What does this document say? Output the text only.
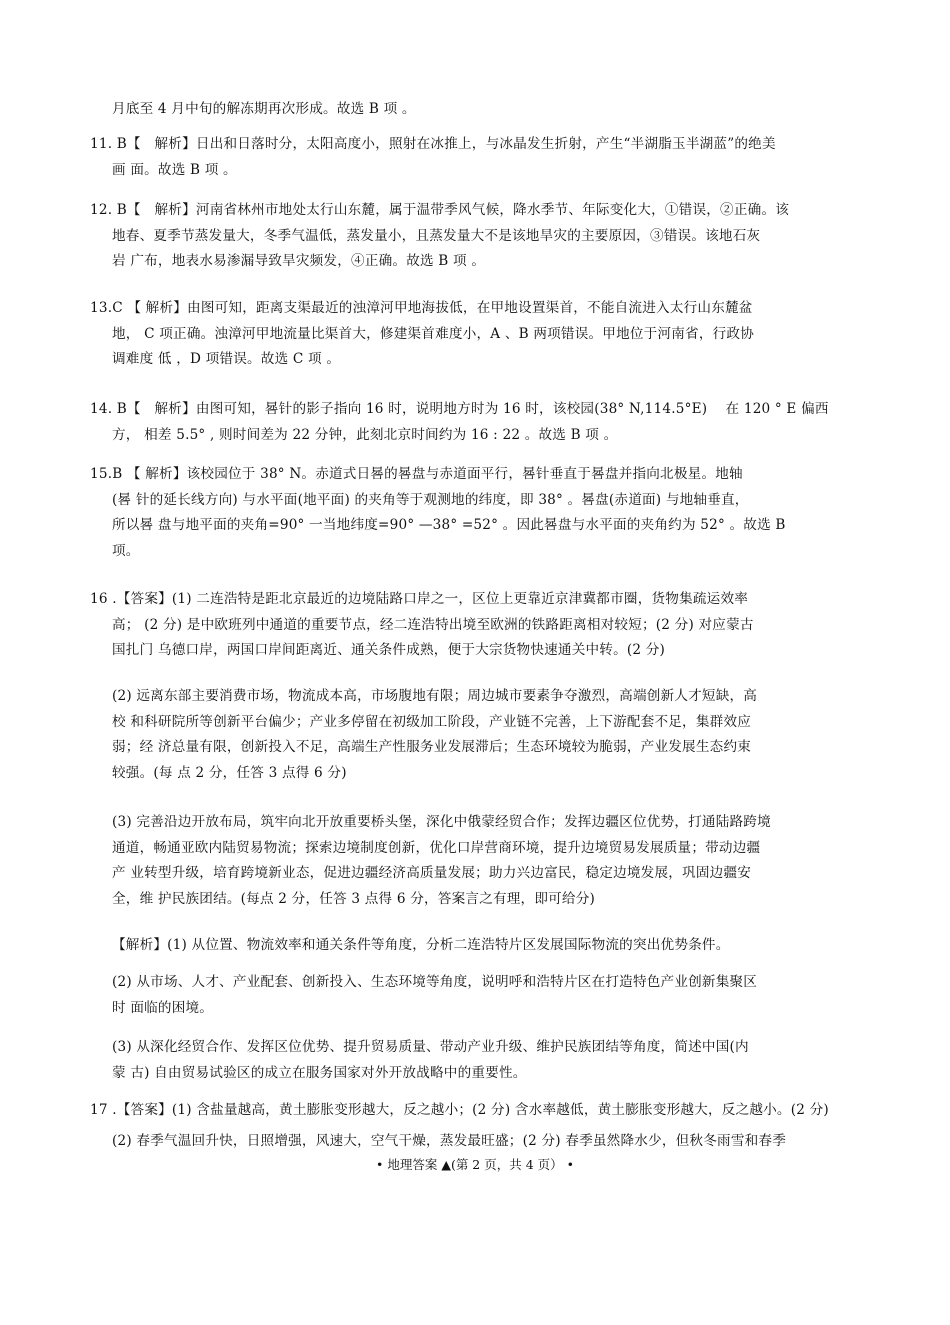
月底至 4 月中旬的解冻期再次形成。故选 B 项 。
11. B【　解析】日出和日落时分，太阳高度小，照射在冰推上，与冰晶发生折射，产生“半湖脂玉半湖蓝”的绝美
画 面。故选 B 项 。
12. B【　解析】河南省林州市地处太行山东麓，属于温带季风气候，降水季节、年际变化大，①错误，②正确。该
地春、夏季节蒸发量大，冬季气温低，蒸发量小，且蒸发量大不是该地旱灾的主要原因，③错误。该地石灰
岩 广布，地表水易渗漏导致旱灾频发，④正确。故选 B 项 。
13.C 【 解析】由图可知，距离支渠最近的浊漳河甲地海拔低，在甲地设置渠首，不能自流进入太行山东麓盆
地， C 项正确。浊漳河甲地流量比渠首大，修建渠首难度小，A 、B 两项错误。甲地位于河南省，行政协
调难度 低 ，D 项错误。故选 C 项 。
14. B【　解析】由图可知，晷针的影子指向 16 时，说明地方时为 16 时，该校园(38° N,114.5°E)　 在 120 ° E 偏西
方， 相差 5.5° , 则时间差为 22 分钟，此刻北京时间约为 16 : 22 。故选 B 项 。
15.B 【 解析】该校园位于 38° N。赤道式日晷的晷盘与赤道面平行，晷针垂直于晷盘并指向北极星。地轴
(晷 针的延长线方向) 与水平面(地平面) 的夹角等于观测地的纬度，即 38° 。晷盘(赤道面) 与地轴垂直，
所以晷 盘与地平面的夹角=90° 一当地纬度=90° —38° =52° 。因此晷盘与水平面的夹角约为 52° 。故选 B
项。
16 .【答案】(1) 二连浩特是距北京最近的边境陆路口岸之一，区位上更靠近京津冀都市圈，货物集疏运效率
高； (2 分) 是中欧班列中通道的重要节点，经二连浩特出境至欧洲的铁路距离相对较短；(2 分) 对应蒙古
国扎门 乌德口岸，两国口岸间距离近、通关条件成熟，便于大宗货物快速通关中转。(2 分)
(2) 远离东部主要消费市场，物流成本高，市场腹地有限；周边城市要素争夺激烈，高端创新人才短缺，高
校 和科研院所等创新平台偏少；产业多停留在初级加工阶段，产业链不完善，上下游配套不足，集群效应
弱；经 济总量有限，创新投入不足，高端生产性服务业发展滞后；生态环境较为脆弱，产业发展生态约束
较强。(每 点 2 分，任答 3 点得 6 分)
(3) 完善沿边开放布局，筑牢向北开放重要桥头堡，深化中俄蒙经贸合作；发挥边疆区位优势，打通陆路跨境
通道，畅通亚欧内陆贸易物流；探索边境制度创新，优化口岸营商环境，提升边境贸易发展质量；带动边疆
产 业转型升级，培育跨境新业态，促进边疆经济高质量发展；助力兴边富民，稳定边境发展，巩固边疆安
全，维 护民族团结。(每点 2 分，任答 3 点得 6 分，答案言之有理，即可给分)
【解析】(1) 从位置、物流效率和通关条件等角度，分析二连浩特片区发展国际物流的突出优势条件。
(2) 从市场、人才、产业配套、创新投入、生态环境等角度，说明呼和浩特片区在打造特色产业创新集聚区
时 面临的困境。
(3) 从深化经贸合作、发挥区位优势、提升贸易质量、带动产业升级、维护民族团结等角度，简述中国(内
蒙 古) 自由贸易试验区的成立在服务国家对外开放战略中的重要性。
17 .【答案】(1) 含盐量越高，黄土膨胀变形越大，反之越小；(2 分) 含水率越低，黄土膨胀变形越大，反之越小。(2 分)
(2) 春季气温回升快，日照增强，风速大，空气干燥，蒸发最旺盛；(2 分) 春季虽然降水少，但秋冬雨雪和春季
• 地理答案 ▲(第 2 页，共 4 页） •
